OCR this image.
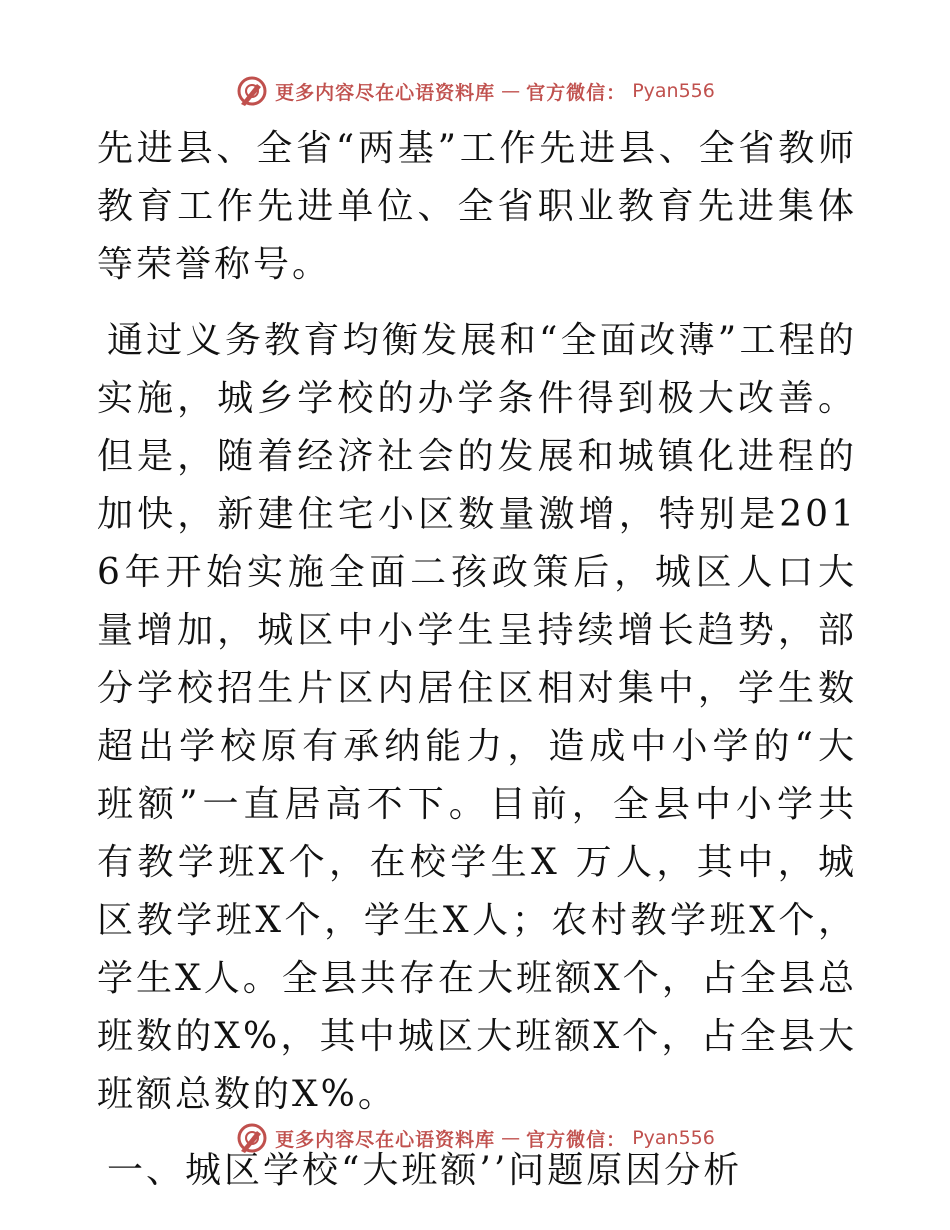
更多内容尽在心语资料库 — 官方微信： Pyan556

先进县、全省“两基”工作先进县、全省教师教育工作先进单位、全省职业教育先进集体等荣誉称号。

通过义务教育均衡发展和“全面改薄”工程的实施，城乡学校的办学条件得到极大改善。但是，随着经济社会的发展和城镇化进程的加快，新建住宅小区数量激增，特别是2016年开始实施全面二孩政策后，城区人口大量增加，城区中小学生呈持续增长趋势，部分学校招生片区内居住区相对集中，学生数超出学校原有承纳能力，造成中小学的“大班额”一直居高不下。目前，全县中小学共有教学班X个，在校学生X 万人，其中，城区教学班X个，学生X人；农村教学班X个，学生X人。全县共存在大班额X个，占全县总班数的X%，其中城区大班额X个，占全县大班额总数的X%。

一、城区学校“大班额’’问题原因分析

更多内容尽在心语资料库 — 官方微信： Pyan556
